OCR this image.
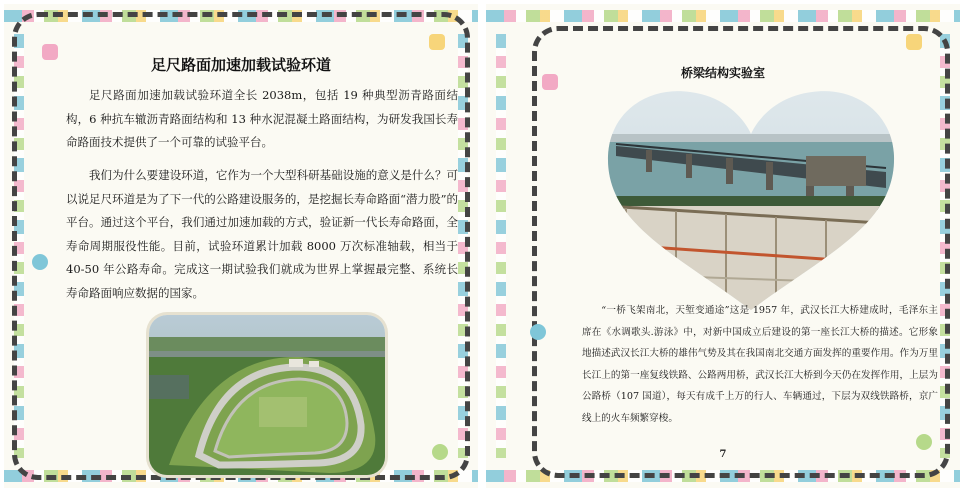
足尺路面加速加载试验环道

足尺路面加速加载试验环道全长 2038m，包括 19 种典型沥青路面结构，6 种抗车辙沥青路面结构和 13 种水泥混凝土路面结构，为研发我国长寿命路面技术提供了一个可靠的试验平台。

我们为什么要建设环道，它作为一个大型科研基础设施的意义是什么？可以说足尺环道是为了下一代的公路建设服务的，是挖掘长寿命路面“潜力股”的平台。通过这个平台，我们通过加速加载的方式，验证新一代长寿命路面，全寿命周期服役性能。目前，试验环道累计加载 8000 万次标准轴载，相当于 40-50 年公路寿命。完成这一期试验我们就成为世界上掌握最完整、系统长寿命路面响应数据的国家。

桥梁结构实验室

“一桥飞架南北，天堑变通途”这是 1957 年，武汉长江大桥建成时，毛泽东主席在《水调歌头.游泳》中，对新中国成立后建设的第一座长江大桥的描述。它形象地描述武汉长江大桥的雄伟气势及其在我国南北交通方面发挥的重要作用。作为万里长江上的第一座复线铁路、公路两用桥，武汉长江大桥到今天仍在发挥作用，上层为公路桥（107 国道），每天有成千上万的行人、车辆通过，下层为双线铁路桥，京广线上的火车频繁穿梭。

7
